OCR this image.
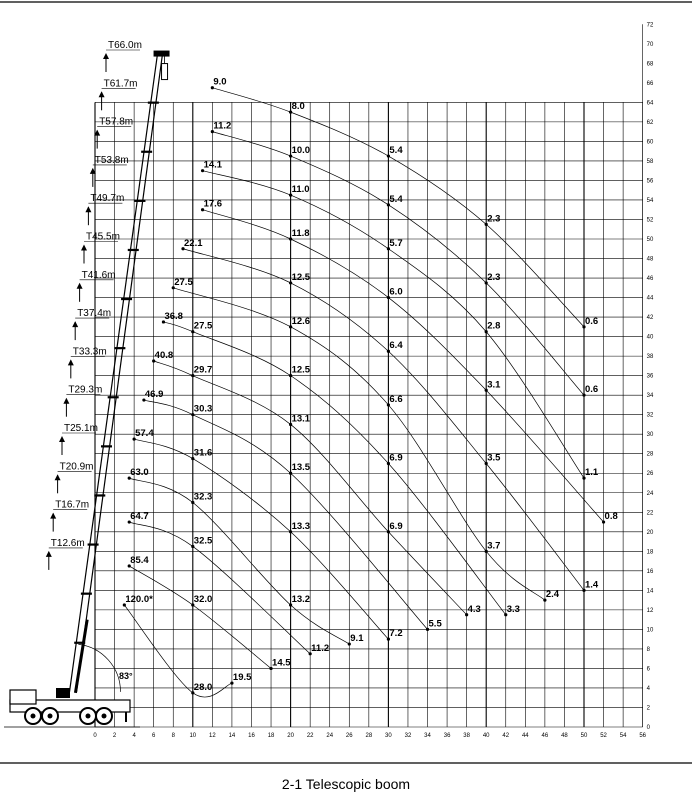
0	2	4	6	8 10 12 14 16 18 20 22 24 26 28 30 32 34 36 38 40 42 44 46 48 50 52 54 56
0
2
4
6
8
10
12
14
16
18
20
22
24
26
28
30
32
34
36
38
40
42
44
46
48
50
52
54
56
58
60
62
64
66
68
70
72
9.0
8.0
5.4
2.3
0.6
11.2
10.0
5.4
2.3
0.6
14.1
11.0
5.7
2.8
1.1
17.6
11.8
6.0
3.1
0.8
22.1
12.5
6.4
3.5
1.4
27.5
12.6
6.6
3.7
2.4
36.8
27.5
12.5
6.9
3.3
40.8
29.7
13.1
6.9
4.3
46.9
30.3
13.5
5.5
57.4
31.6
13.3
7.2
63.0
32.3
13.2
9.1
64.7
32.5
11.2
85.4
32.0
14.5
120.0*
28.0
19.5
T66.0m
T61.7m
T57.8m
T53.8m
T49.7m
T45.5m
T41.6m
T37.4m
T33.3m
T29.3m
T25.1m
T20.9m
T16.7m
T12.6m
83°
2-1 Telescopic boom
